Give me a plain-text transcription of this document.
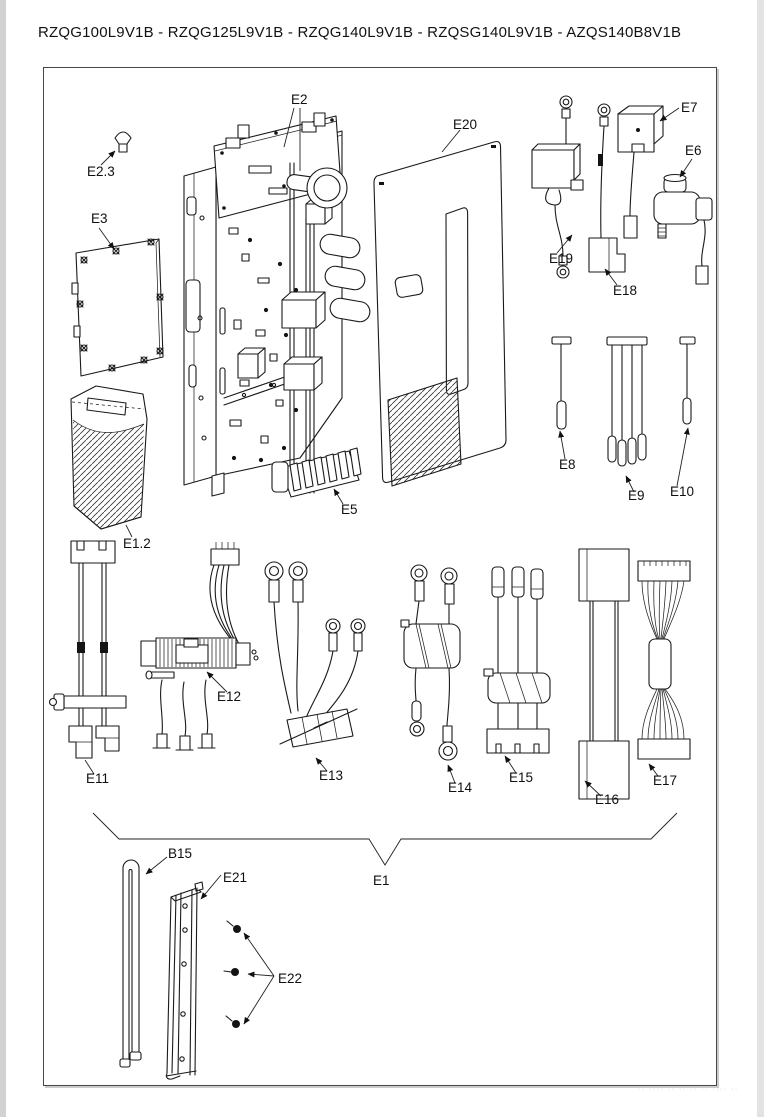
RZQG100L9V1B - RZQG125L9V1B - RZQG140L9V1B - RZQSG140L9V1B - AZQS140B8V1B
E2
E2.3
E3
E20
E19
E7
E6
E18
E8
E9 E10
E5
E1.2
E11
E12
E13
E14
E15
E16
E17
E1
B15
E21
E22
·· ···· ·· ·· ·· ·· ···· ··
